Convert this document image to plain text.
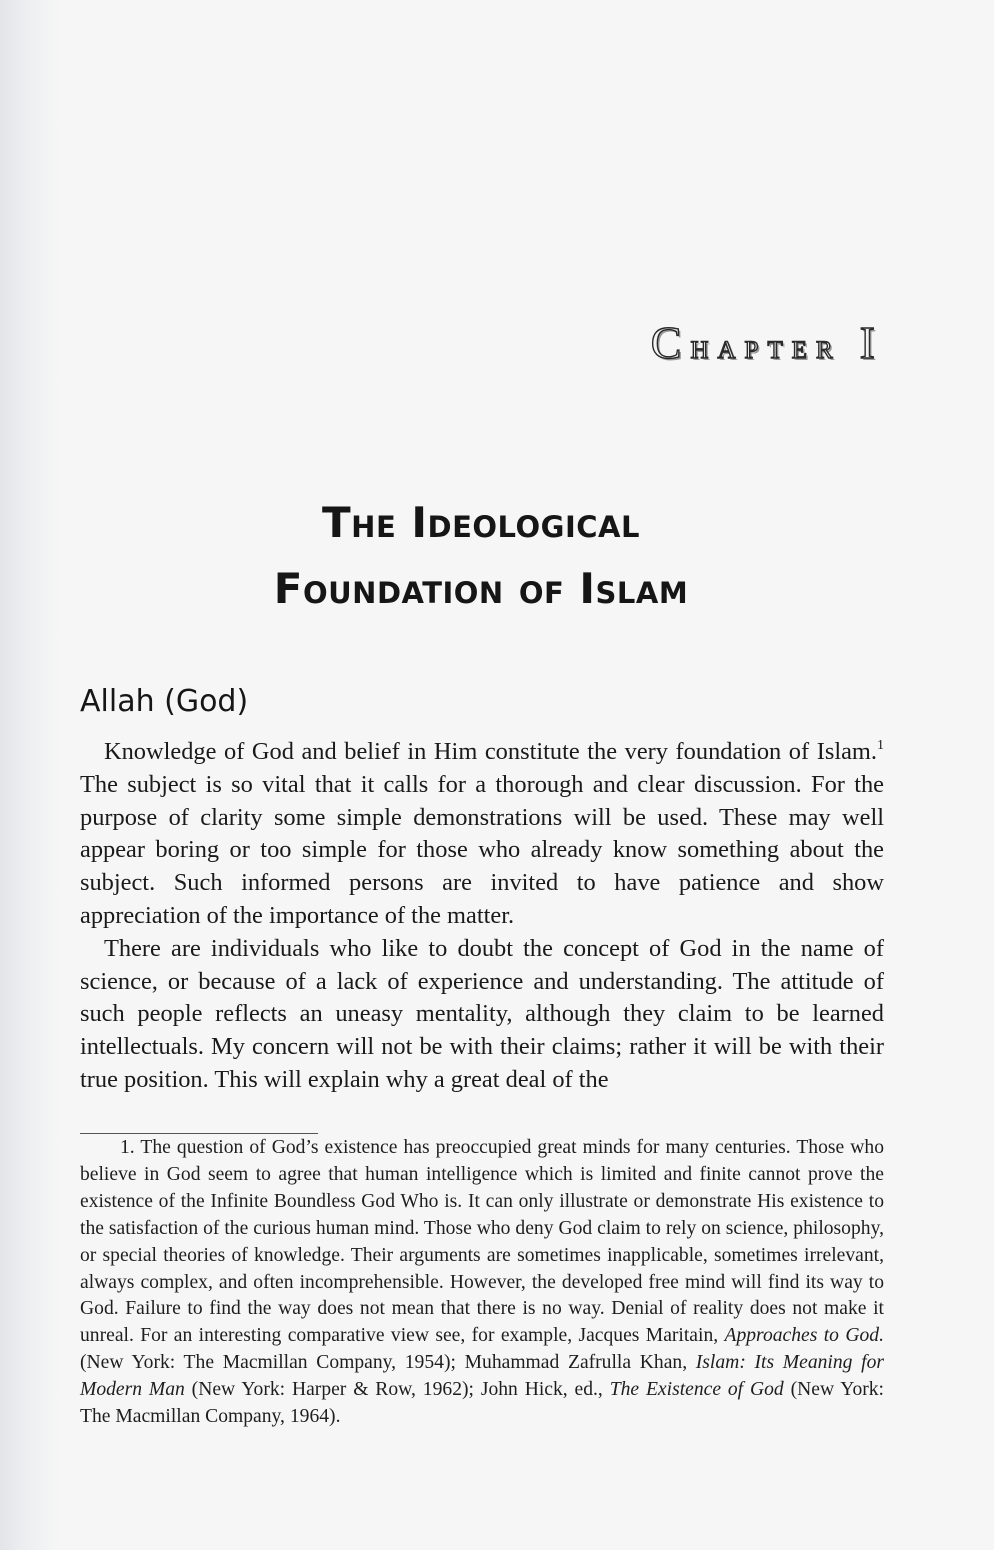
Chapter I
The Ideological
Foundation of Islam
Allah (God)

Knowledge of God and belief in Him constitute the very foundation of Islam.$^1$ The subject is so vital that it calls for a thorough and clear discussion. For the purpose of clarity some simple demonstrations will be used. These may well appear boring or too simple for those who already know something about the subject. Such informed persons are invited to have patience and show appreciation of the importance of the matter.

There are individuals who like to doubt the concept of God in the name of science, or because of a lack of experience and understanding. The attitude of such people reflects an uneasy mentality, although they claim to be learned intellectuals. My concern will not be with their claims; rather it will be with their true position. This will explain why a great deal of the

1. The question of God’s existence has preoccupied great minds for many centuries. Those who believe in God seem to agree that human intelligence which is limited and finite cannot prove the existence of the Infinite Boundless God Who is. It can only illustrate or demonstrate His existence to the satisfaction of the curious human mind. Those who deny God claim to rely on science, philosophy, or special theories of knowledge. Their arguments are sometimes inapplicable, sometimes irrelevant, always complex, and often incomprehensible. However, the developed free mind will find its way to God. Failure to find the way does not mean that there is no way. Denial of reality does not make it unreal. For an interesting comparative view see, for example, Jacques Maritain, Approaches to God. (New York: The Macmillan Company, 1954); Muhammad Zafrulla Khan, Islam: Its Meaning for Modern Man (New York: Harper & Row, 1962); John Hick, ed., The Existence of God (New York: The Macmillan Company, 1964).
